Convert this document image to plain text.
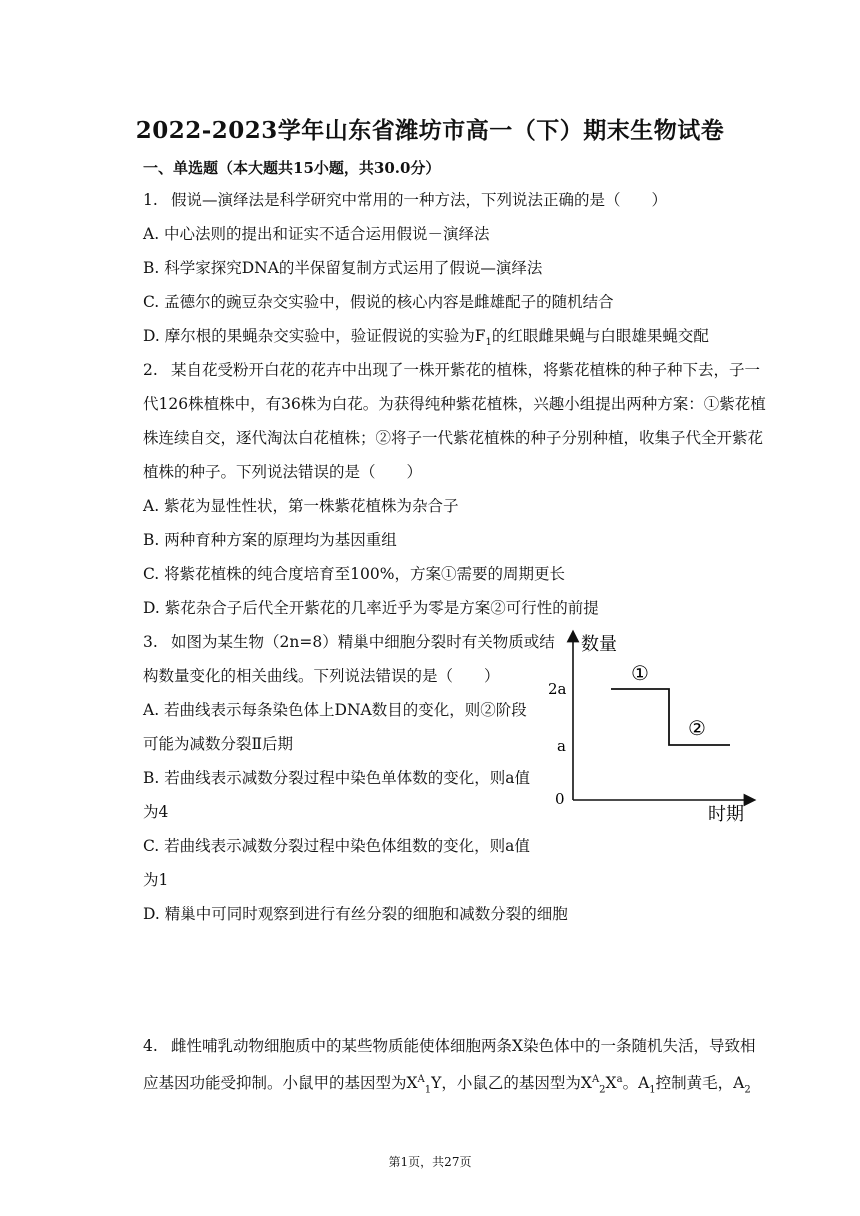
2022-2023学年山东省潍坊市高一（下）期末生物试卷
一、单选题（本大题共15小题，共30.0分）
1. 假说—演绎法是科学研究中常用的一种方法，下列说法正确的是（　　）
A. 中心法则的提出和证实不适合运用假说－演绎法
B. 科学家探究DNA的半保留复制方式运用了假说—演绎法
C. 孟德尔的豌豆杂交实验中，假说的核心内容是雌雄配子的随机结合
D. 摩尔根的果蝇杂交实验中，验证假说的实验为$F_1$的红眼雌果蝇与白眼雄果蝇交配
2. 某自花受粉开白花的花卉中出现了一株开紫花的植株，将紫花植株的种子种下去，子一
代126株植株中，有36株为白花。为获得纯种紫花植株，兴趣小组提出两种方案：①紫花植
株连续自交，逐代淘汰白花植株；②将子一代紫花植株的种子分别种植，收集子代全开紫花
植株的种子。下列说法错误的是（　　）
A. 紫花为显性性状，第一株紫花植株为杂合子
B. 两种育种方案的原理均为基因重组
C. 将紫花植株的纯合度培育至100%，方案①需要的周期更长
D. 紫花杂合子后代全开紫花的几率近乎为零是方案②可行性的前提
3. 如图为某生物（2n=8）精巢中细胞分裂时有关物质或结
构数量变化的相关曲线。下列说法错误的是（　　）
A. 若曲线表示每条染色体上DNA数目的变化，则②阶段
可能为减数分裂Ⅱ后期
B. 若曲线表示减数分裂过程中染色单体数的变化，则a值
为4
C. 若曲线表示减数分裂过程中染色体组数的变化，则a值
为1
D. 精巢中可同时观察到进行有丝分裂的细胞和减数分裂的细胞
数量
时期
2a
a
0
①
②
4. 雌性哺乳动物细胞质中的某些物质能使体细胞两条X染色体中的一条随机失活，导致相
应基因功能受抑制。小鼠甲的基因型为$X^A_1Y$，小鼠乙的基因型为$X^A_2X^a$。$A_1$控制黄毛，$A_2$
第1页，共27页
